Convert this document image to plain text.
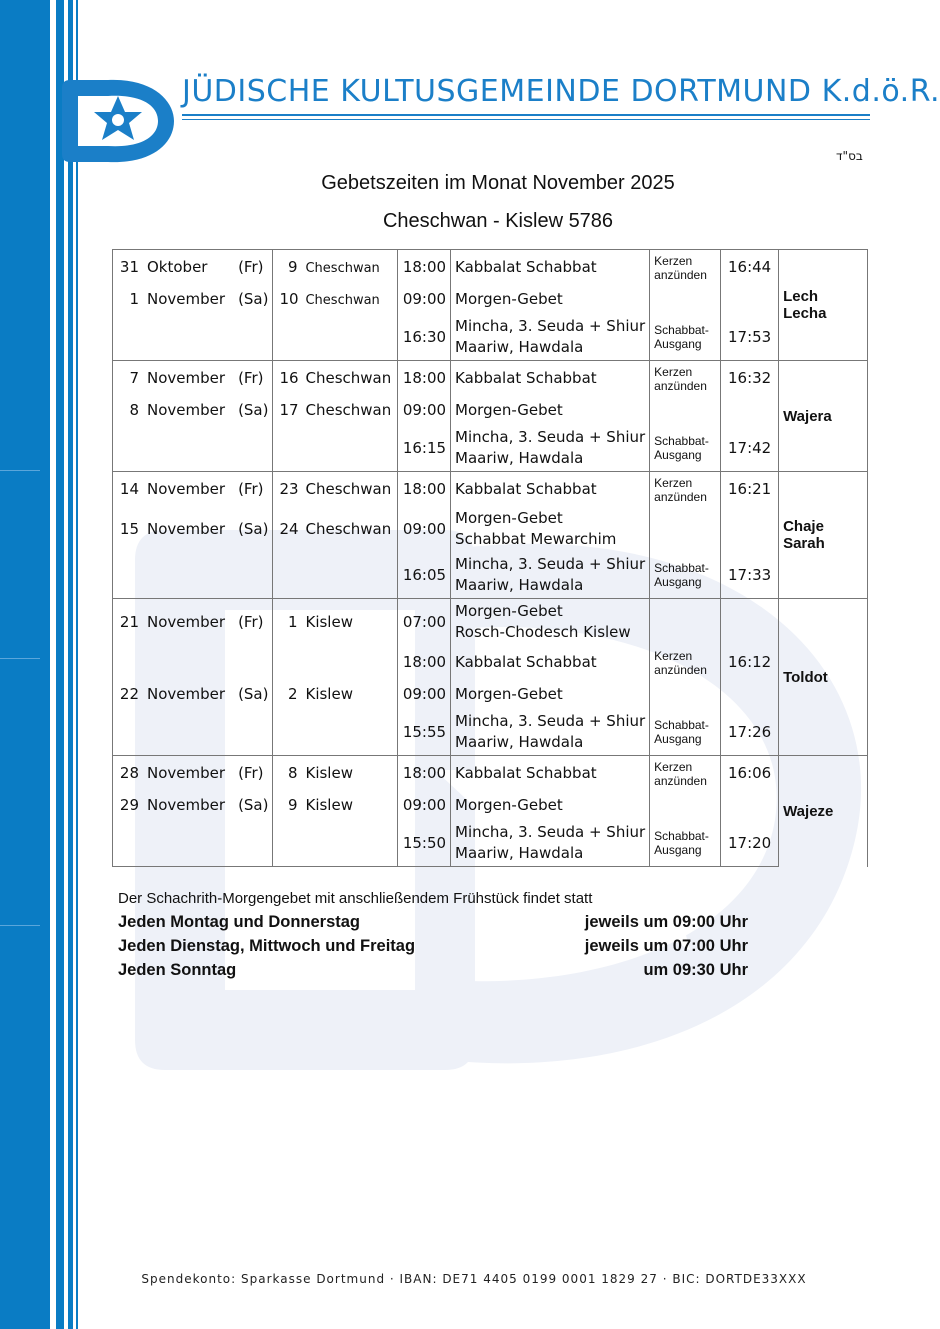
JÜDISCHE KULTUSGEMEINDE DORTMUND K.d.ö.R.
בס"ד
Gebetszeiten im Monat November 2025
Cheschwan - Kislew 5786
31 Oktober	(Fr)	9 Cheschwan	18:00	Kabbalat Schabbat	Kerzen
anzünden	16:44	Lech Lecha
1 November	(Sa)	10 Cheschwan	09:00	Morgen-Gebet			
			16:30	Mincha, 3. Seuda + Shiur
Maariw, Hawdala	Schabbat-
Ausgang	17:53	
7 November	(Fr)	16 Cheschwan	18:00	Kabbalat Schabbat	Kerzen
anzünden	16:32	Wajera
8 November	(Sa)	17 Cheschwan	09:00	Morgen-Gebet			
			16:15	Mincha, 3. Seuda + Shiur
Maariw, Hawdala	Schabbat-
Ausgang	17:42	
14 November	(Fr)	23 Cheschwan	18:00	Kabbalat Schabbat	Kerzen
anzünden	16:21	Chaje Sarah
15 November	(Sa)	24 Cheschwan	09:00	Morgen-Gebet
Schabbat Mewarchim			
			16:05	Mincha, 3. Seuda + Shiur
Maariw, Hawdala	Schabbat-
Ausgang	17:33	
21 November	(Fr)	1 Kislew	07:00	Morgen-Gebet
Rosch-Chodesch Kislew			Toldot
			18:00	Kabbalat Schabbat	Kerzen
anzünden	16:12	
22 November	(Sa)	2 Kislew	09:00	Morgen-Gebet			
			15:55	Mincha, 3. Seuda + Shiur
Maariw, Hawdala	Schabbat-
Ausgang	17:26	
28 November	(Fr)	8 Kislew	18:00	Kabbalat Schabbat	Kerzen
anzünden	16:06	Wajeze
29 November	(Sa)	9 Kislew	09:00	Morgen-Gebet			
			15:50	Mincha, 3. Seuda + Shiur
Maariw, Hawdala	Schabbat-
Ausgang	17:20	
Der Schachrith-Morgengebet mit anschließendem Frühstück findet statt
Jeden Montag und Donnerstag	jeweils um 09:00 Uhr
Jeden Dienstag, Mittwoch und Freitag	jeweils um 07:00 Uhr
Jeden Sonntag	um 09:30 Uhr
Spendekonto: Sparkasse Dortmund · IBAN: DE71 4405 0199 0001 1829 27 · BIC: DORTDE33XXX
